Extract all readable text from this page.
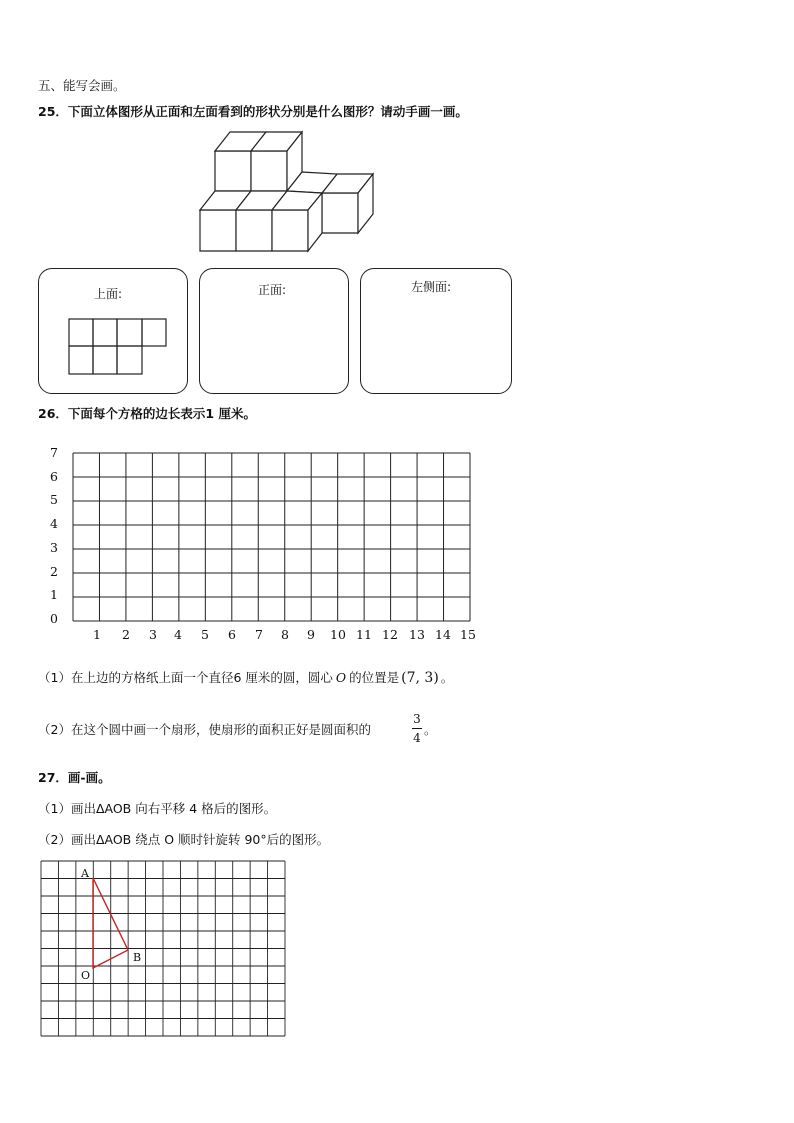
五、能写会画。
25．下面立体图形从正面和左面看到的形状分别是什么图形？请动手画一画。
上面:	正面:	左侧面:
26．下面每个方格的边长表示1 厘米。
7
6
5
4
3
2
1
0
1 2 3 4 5 6 7 8 9 10 11 12 13 14 15
（1）在上边的方格纸上面一个直径6 厘米的圆，圆心 O 的位置是 (7, 3) 。
（2）在这个圆中画一个扇形，使扇形的面积正好是圆面积的
3
4
。
27．画-画。
（1）画出ΔAOB 向右平移 4 格后的图形。
（2）画出ΔAOB 绕点 O 顺时针旋转 90°后的图形。
A
B
O
